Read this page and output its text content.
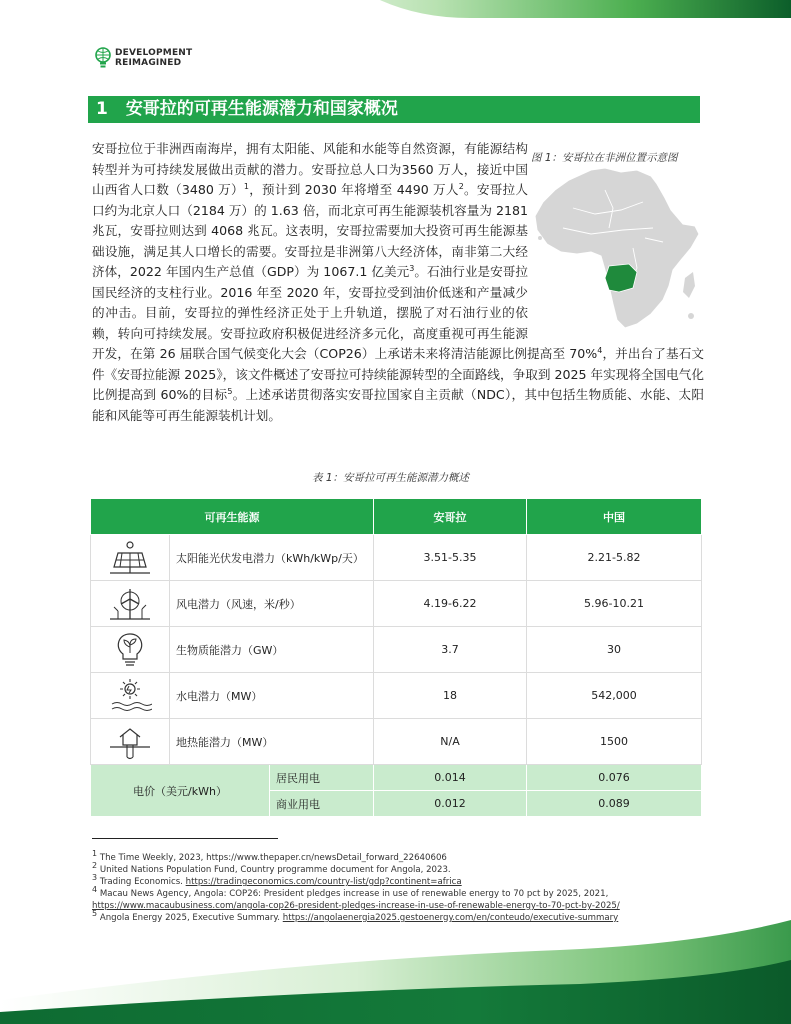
DEVELOPMENT
REIMAGINED
1 安哥拉的可再生能源潜力和国家概况
图 1：安哥拉在非洲位置示意图

安哥拉位于非洲西南海岸，拥有太阳能、风能和水能等自然资源，有能源结构转型并为可持续发展做出贡献的潜力。安哥拉总人口为3560 万人，接近中国山西省人口数（3480 万）$^1$，预计到 2030 年将增至 4490 万人$^2$。安哥拉人口约为北京人口（2184 万）的 1.63 倍，而北京可再生能源装机容量为 2181 兆瓦，安哥拉则达到 4068 兆瓦。这表明，安哥拉需要加大投资可再生能源基础设施，满足其人口增长的需要。安哥拉是非洲第八大经济体，南非第二大经济体，2022 年国内生产总值（GDP）为 1067.1 亿美元$^3$。石油行业是安哥拉国民经济的支柱行业。2016 年至 2020 年，安哥拉受到油价低迷和产量减少的冲击。目前，安哥拉的弹性经济正处于上升轨道，摆脱了对石油行业的依赖，转向可持续发展。安哥拉政府积极促进经济多元化，高度重视可再生能源开发，在第 26 届联合国气候变化大会（COP26）上承诺未来将清洁能源比例提高至 70%$^4$，并出台了基石文件《安哥拉能源 2025》，该文件概述了安哥拉可持续能源转型的全面路线，争取到 2025 年实现将全国电气化比例提高到 60%的目标$^5$。上述承诺贯彻落实安哥拉国家自主贡献（NDC），其中包括生物质能、水能、太阳能和风能等可再生能源装机计划。

表 1：安哥拉可再生能源潜力概述
可再生能源			安哥拉	中国

	太阳能光伏发电潜力（kWh/kWp/天）		3.51-5.35	2.21-5.82

	风电潜力（风速，米/秒）		4.19-6.22	5.96-10.21

	生物质能潜力（GW）		3.7	30

	水电潜力（MW）		18	542,000

	地热能潜力（MW）		N/A	1500
电价（美元/kWh）		居民用电	0.014	0.076
		商业用电	0.012	0.089
$^1$ The Time Weekly, 2023, https://www.thepaper.cn/newsDetail_forward_22640606
$^2$ United Nations Population Fund, Country programme document for Angola, 2023.
$^3$ Trading Economics. https://tradingeconomics.com/country-list/gdp?continent=africa
$^4$ Macau News Agency, Angola: COP26: President pledges increase in use of renewable energy to 70 pct by 2025, 2021,
https://www.macaubusiness.com/angola-cop26-president-pledges-increase-in-use-of-renewable-energy-to-70-pct-by-2025/
$^5$ Angola Energy 2025, Executive Summary. https://angolaenergia2025.gestoenergy.com/en/conteudo/executive-summary
